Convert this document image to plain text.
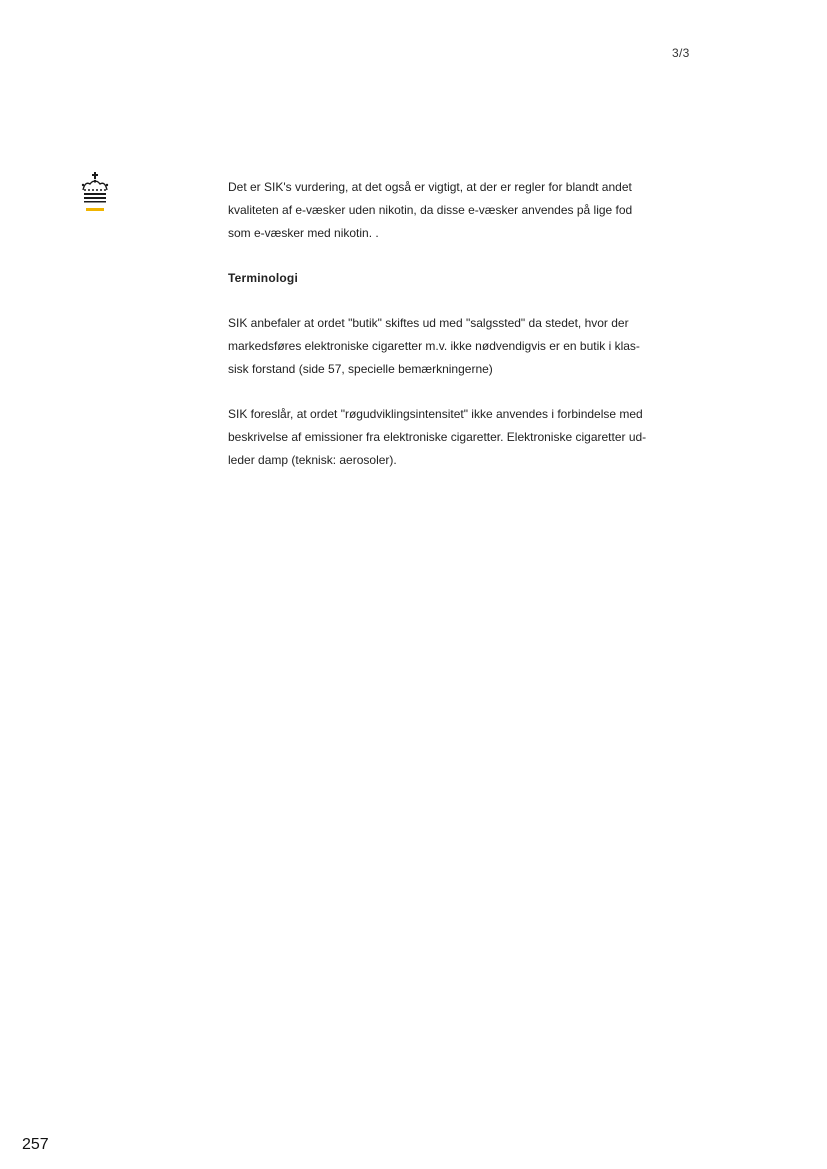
3/3

Det er SIK's vurdering, at det også er vigtigt, at der er regler for blandt andet
kvaliteten af e-væsker uden nikotin, da disse e-væsker anvendes på lige fod
som e-væsker med nikotin. .

Terminologi

SIK anbefaler at ordet "butik" skiftes ud med "salgssted" da stedet, hvor der
markedsføres elektroniske cigaretter m.v. ikke nødvendigvis er en butik i klas-
sisk forstand (side 57, specielle bemærkningerne)

SIK foreslår, at ordet "røgudviklingsintensitet" ikke anvendes i forbindelse med
beskrivelse af emissioner fra elektroniske cigaretter. Elektroniske cigaretter ud-
leder damp (teknisk: aerosoler).

257
